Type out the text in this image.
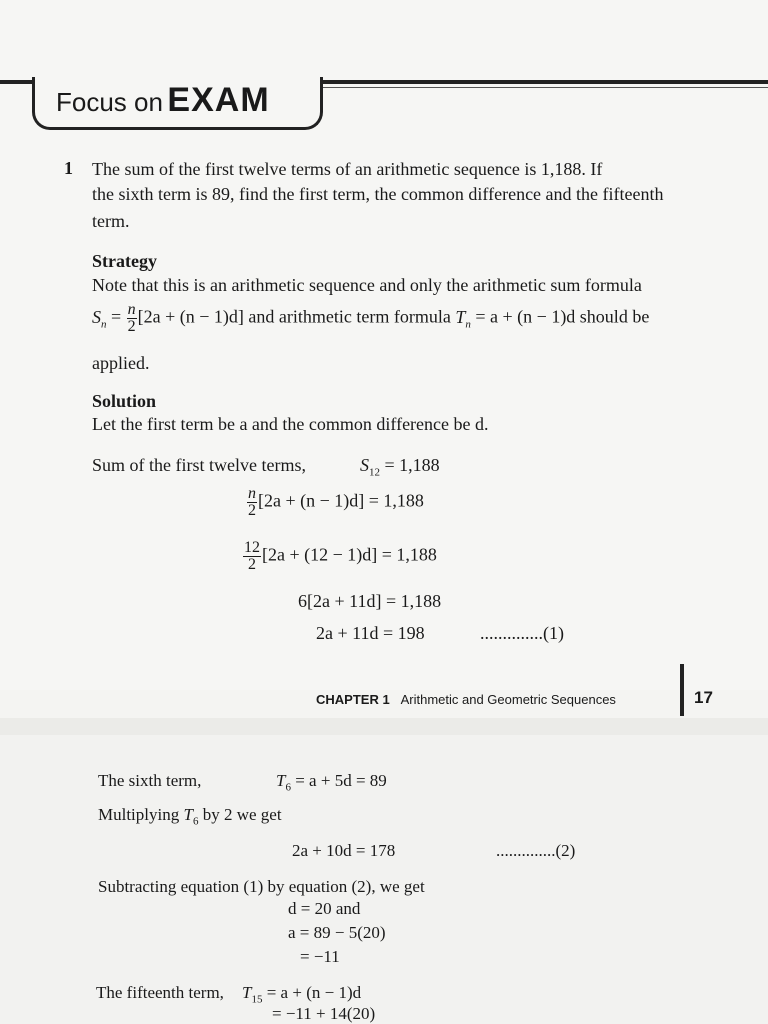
Focus on EXAM
1 The sum of the first twelve terms of an arithmetic sequence is 1,188. If
the sixth term is 89, find the first term, the common difference and the fifteenth
term.
Strategy
Note that this is an arithmetic sequence and only the arithmetic sum formula
$S_n = \frac{n}{2} [2a + (n - 1)d]$ and arithmetic term formula $T_n = a + (n - 1)d$ should be
applied.
Solution
Let the first term be a and the common difference be d.
Sum of the first twelve terms,	$S_{12} = 1,188$
$\frac{n}{2} [2a + (n - 1)d] = 1,188$
$\frac{12}{2} [2a + (12 - 1)d] = 1,188$
6[2a + 11d] = 1,188
2a + 11d = 198	..............(1)
CHAPTER 1 Arithmetic and Geometric Sequences	17
The sixth term,	$T_6 = a + 5d = 89$
Multiplying $T_6$ by 2 we get
2a + 10d = 178	..............(2)
Subtracting equation (1) by equation (2), we get
d = 20 and
a = 89 − 5(20)
= −11
The fifteenth term, $T_{15} = a + (n - 1)d$
= −11 + 14(20)
